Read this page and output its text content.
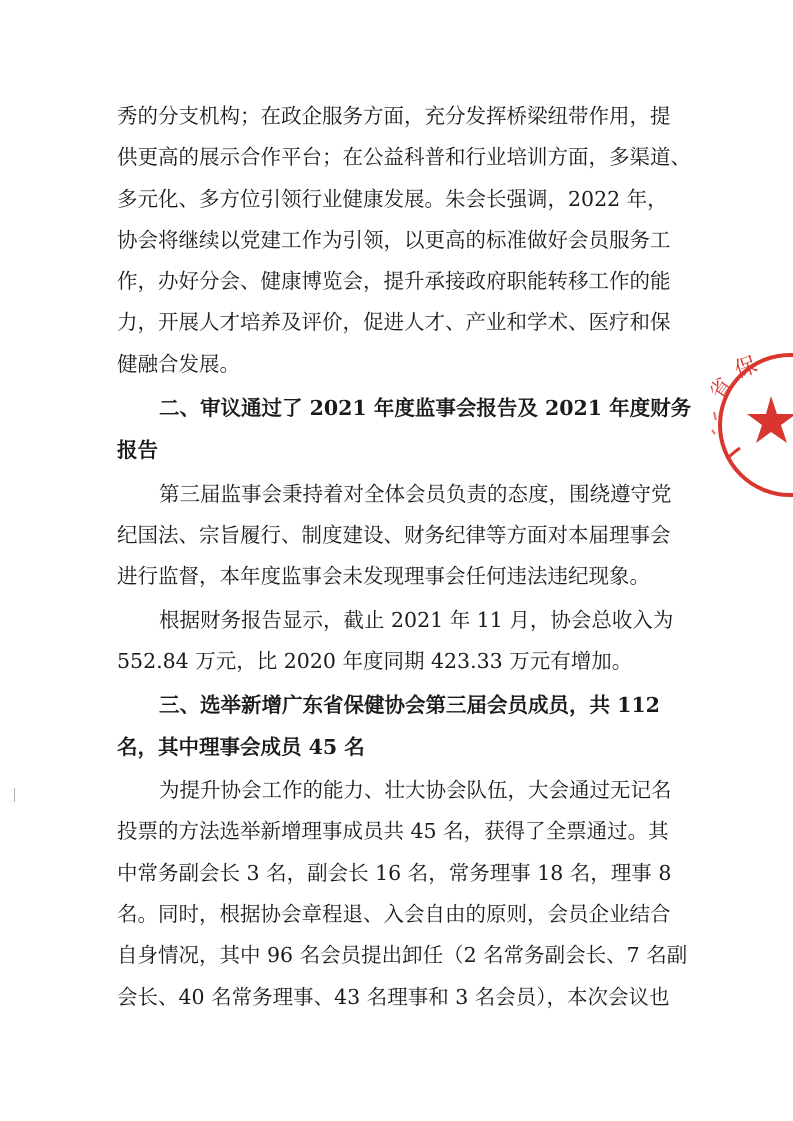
秀的分支机构；在政企服务方面，充分发挥桥梁纽带作用，提
供更高的展示合作平台；在公益科普和行业培训方面，多渠道、
多元化、多方位引领行业健康发展。朱会长强调，2022 年，
协会将继续以党建工作为引领，以更高的标准做好会员服务工
作，办好分会、健康博览会，提升承接政府职能转移工作的能
力，开展人才培养及评价，促进人才、产业和学术、医疗和保
健融合发展。
二、审议通过了 2021 年度监事会报告及 2021 年度财务
报告
第三届监事会秉持着对全体会员负责的态度，围绕遵守党
纪国法、宗旨履行、制度建设、财务纪律等方面对本届理事会
进行监督，本年度监事会未发现理事会任何违法违纪现象。
根据财务报告显示，截止 2021 年 11 月，协会总收入为
552.84 万元，比 2020 年度同期 423.33 万元有增加。
三、选举新增广东省保健协会第三届会员成员，共 112
名，其中理事会成员 45 名
为提升协会工作的能力、壮大协会队伍，大会通过无记名
投票的方法选举新增理事成员共 45 名，获得了全票通过。其
中常务副会长 3 名，副会长 16 名，常务理事 18 名，理事 8
名。同时，根据协会章程退、入会自由的原则，会员企业结合
自身情况，其中 96 名会员提出卸任（2 名常务副会长、7 名副
会长、40 名常务理事、43 名理事和 3 名会员），本次会议也
保
省
